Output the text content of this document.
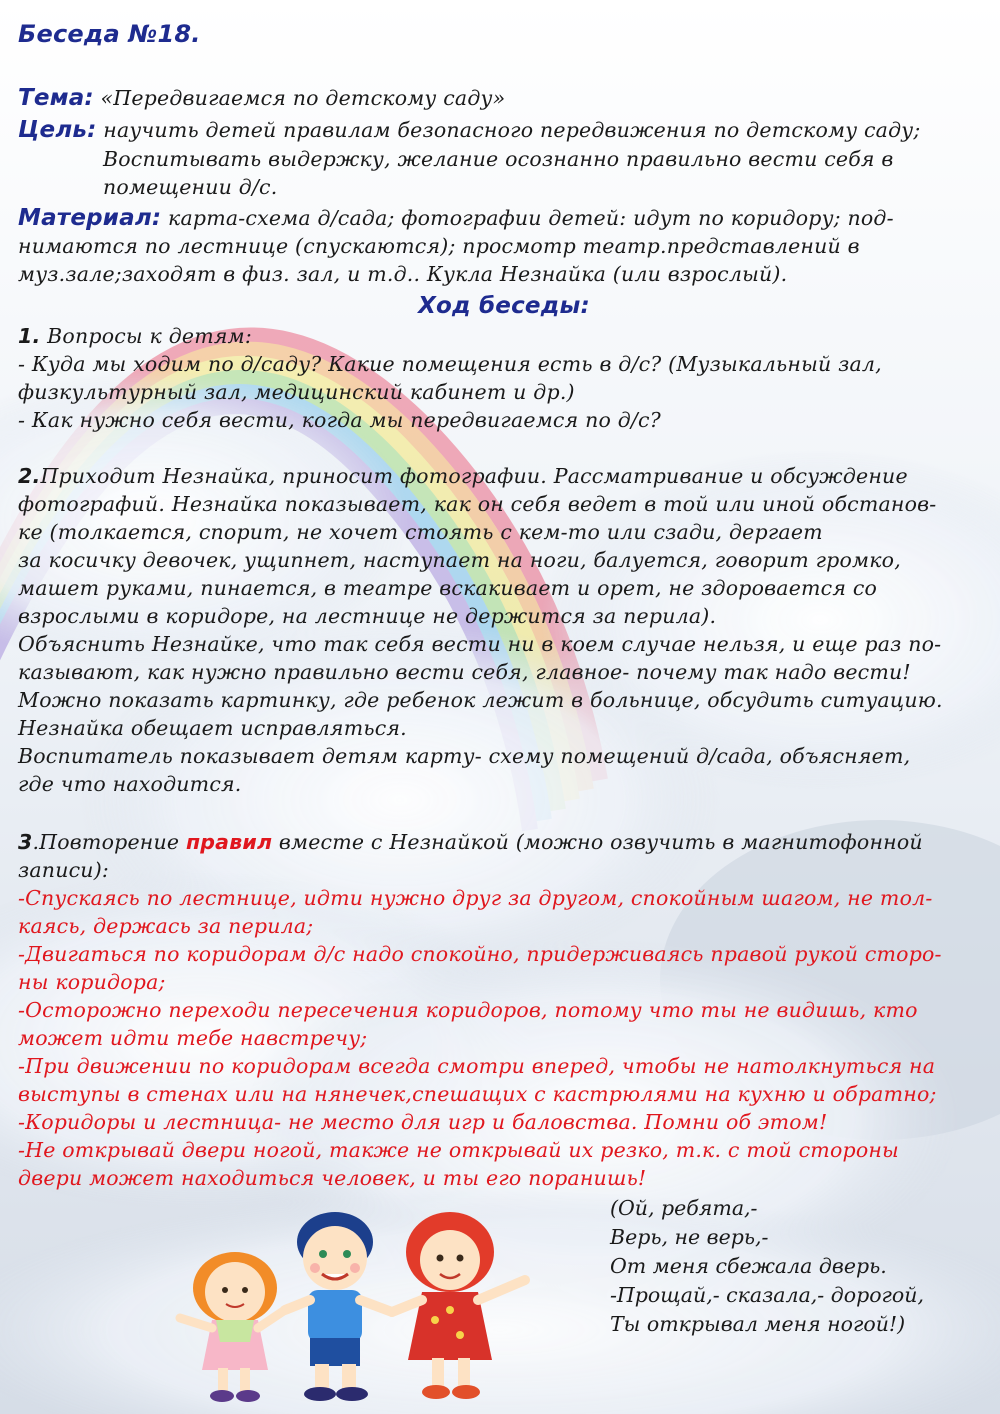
Беседа №18.
Тема: «Передвигаемся по детскому саду»
Цель: научить детей правилам безопасного передвижения по детскому саду;
Воспитывать выдержку, желание осознанно правильно вести себя в
помещении д/с.
Материал: карта-схема д/сада; фотографии детей: идут по коридору; под-
нимаются по лестнице (спускаются); просмотр театр.представлений в
муз.зале;заходят в физ. зал, и т.д.. Кукла Незнайка (или взрослый).
Ход беседы:

1. Вопросы к детям:

- Куда мы ходим по д/саду? Какие помещения есть в д/с? (Музыкальный зал,

физкультурный зал, медицинский кабинет и др.)

- Как нужно себя вести, когда мы передвигаемся по д/с?

2.Приходит Незнайка, приносит фотографии. Рассматривание и обсуждение

фотографий. Незнайка показывает, как он себя ведет в той или иной обстанов-

ке (толкается, спорит, не хочет стоять с кем-то или сзади, дергает

за косичку девочек, ущипнет, наступает на ноги, балуется, говорит громко,

машет руками, пинается, в театре вскакивает и орет, не здоровается со

взрослыми в коридоре, на лестнице не держится за перила).

Объяснить Незнайке, что так себя вести ни в коем случае нельзя, и еще раз по-

казывают, как нужно правильно вести себя, главное- почему так надо вести!

Можно показать картинку, где ребенок лежит в больнице, обсудить ситуацию.

Незнайка обещает исправляться.

Воспитатель показывает детям карту- схему помещений д/сада, объясняет,

где что находится.

3.Повторение правил вместе с Незнайкой (можно озвучить в магнитофонной

записи):

-Спускаясь по лестнице, идти нужно друг за другом, спокойным шагом, не тол-

каясь, держась за перила;

-Двигаться по коридорам д/с надо спокойно, придерживаясь правой рукой сторо-

ны коридора;

-Осторожно переходи пересечения коридоров, потому что ты не видишь, кто

может идти тебе навстречу;

-При движении по коридорам всегда смотри вперед, чтобы не натолкнуться на

выступы в стенах или на нянечек,спешащих с кастрюлями на кухню и обратно;

-Коридоры и лестница- не место для игр и баловства. Помни об этом!

-Не открывай двери ногой, также не открывай их резко, т.к. с той стороны

двери может находиться человек, и ты его поранишь!

(Ой, ребята,-

Верь, не верь,-

От меня сбежала дверь.

-Прощай,- сказала,- дорогой,

Ты открывал меня ногой!)
